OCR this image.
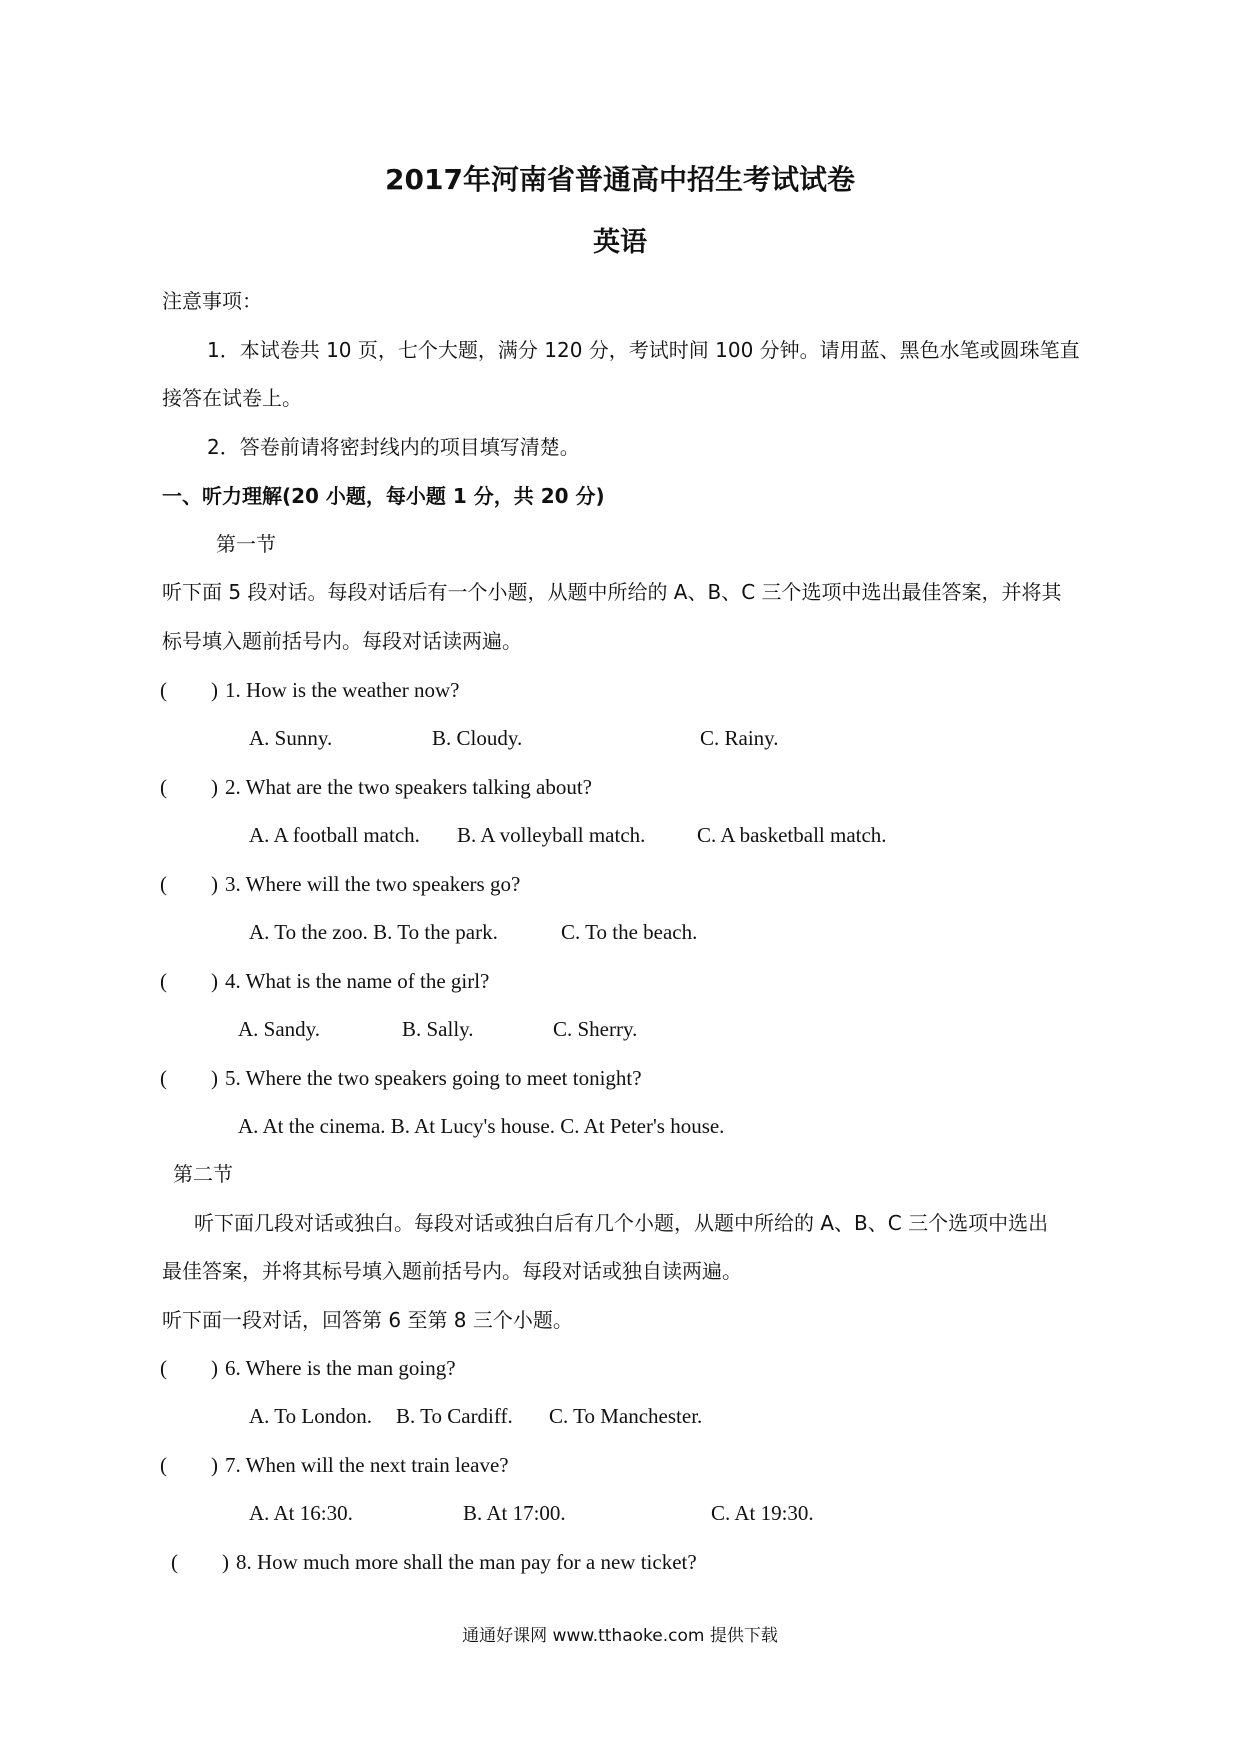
2017年河南省普通高中招生考试试卷
英语
注意事项：
1．本试卷共 10 页，七个大题，满分 120 分，考试时间 100 分钟。请用蓝、黑色水笔或圆珠笔直
接答在试卷上。
2．答卷前请将密封线内的项目填写清楚。
一、听力理解(20 小题，每小题 1 分，共 20 分)
第一节
听下面 5 段对话。每段对话后有一个小题，从题中所给的 A、B、C 三个选项中选出最佳答案，并将其
标号填入题前括号内。每段对话读两遍。
( ) 1. How is the weather now?
A. Sunny.	B. Cloudy.	C. Rainy.
( ) 2. What are the two speakers talking about?
A. A football match. B. A volleyball match. C. A basketball match.
( ) 3. Where will the two speakers go?
A. To the zoo. B. To the park.	C. To the beach.
( ) 4. What is the name of the girl?
A. Sandy.	B. Sally.	C. Sherry.
( ) 5. Where the two speakers going to meet tonight?
A. At the cinema. B. At Lucy's house. C. At Peter's house.
第二节
听下面几段对话或独白。每段对话或独白后有几个小题，从题中所给的 A、B、C 三个选项中选出
最佳答案，并将其标号填入题前括号内。每段对话或独自读两遍。
听下面一段对话，回答第 6 至第 8 三个小题。
( ) 6. Where is the man going?
A. To London. B. To Cardiff. C. To Manchester.
( ) 7. When will the next train leave?
A. At 16:30.	B. At 17:00.	C. At 19:30.
( ) 8. How much more shall the man pay for a new ticket?
通通好课网 www.tthaoke.com 提供下载
